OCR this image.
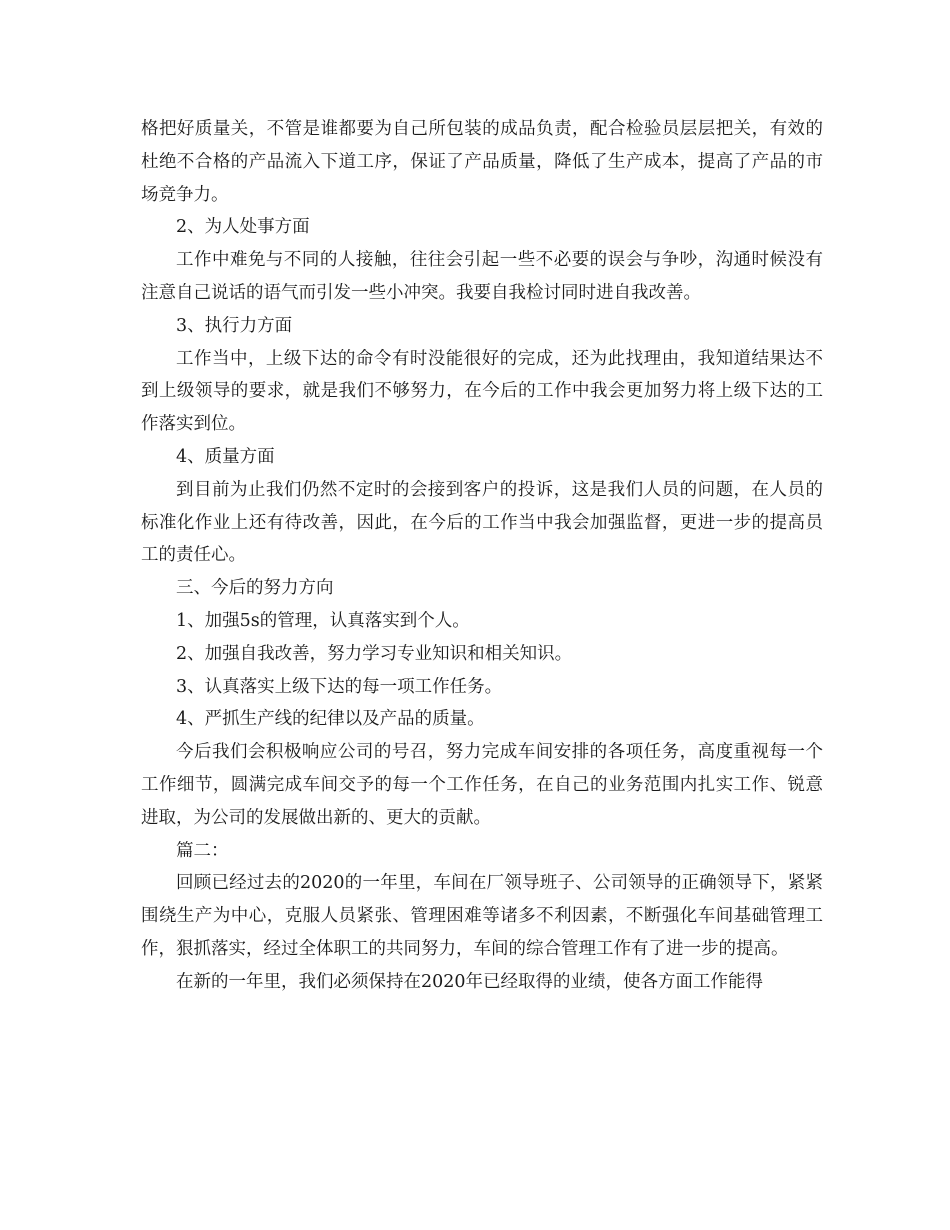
格把好质量关，不管是谁都要为自己所包装的成品负责，配合检验员层层把关，有效的杜绝不合格的产品流入下道工序，保证了产品质量，降低了生产成本，提高了产品的市场竞争力。

2、为人处事方面

工作中难免与不同的人接触，往往会引起一些不必要的误会与争吵，沟通时候没有注意自己说话的语气而引发一些小冲突。我要自我检讨同时进自我改善。

3、执行力方面

工作当中，上级下达的命令有时没能很好的完成，还为此找理由，我知道结果达不到上级领导的要求，就是我们不够努力，在今后的工作中我会更加努力将上级下达的工作落实到位。

4、质量方面

到目前为止我们仍然不定时的会接到客户的投诉，这是我们人员的问题，在人员的标准化作业上还有待改善，因此，在今后的工作当中我会加强监督，更进一步的提高员工的责任心。

三、今后的努力方向

1、加强5s的管理，认真落实到个人。

2、加强自我改善，努力学习专业知识和相关知识。

3、认真落实上级下达的每一项工作任务。

4、严抓生产线的纪律以及产品的质量。

今后我们会积极响应公司的号召，努力完成车间安排的各项任务，高度重视每一个工作细节，圆满完成车间交予的每一个工作任务，在自己的业务范围内扎实工作、锐意进取，为公司的发展做出新的、更大的贡献。

篇二：

回顾已经过去的2020的一年里，车间在厂领导班子、公司领导的正确领导下，紧紧围绕生产为中心，克服人员紧张、管理困难等诸多不利因素，不断强化车间基础管理工作，狠抓落实，经过全体职工的共同努力，车间的综合管理工作有了进一步的提高。

在新的一年里，我们必须保持在2020年已经取得的业绩，使各方面工作能得
